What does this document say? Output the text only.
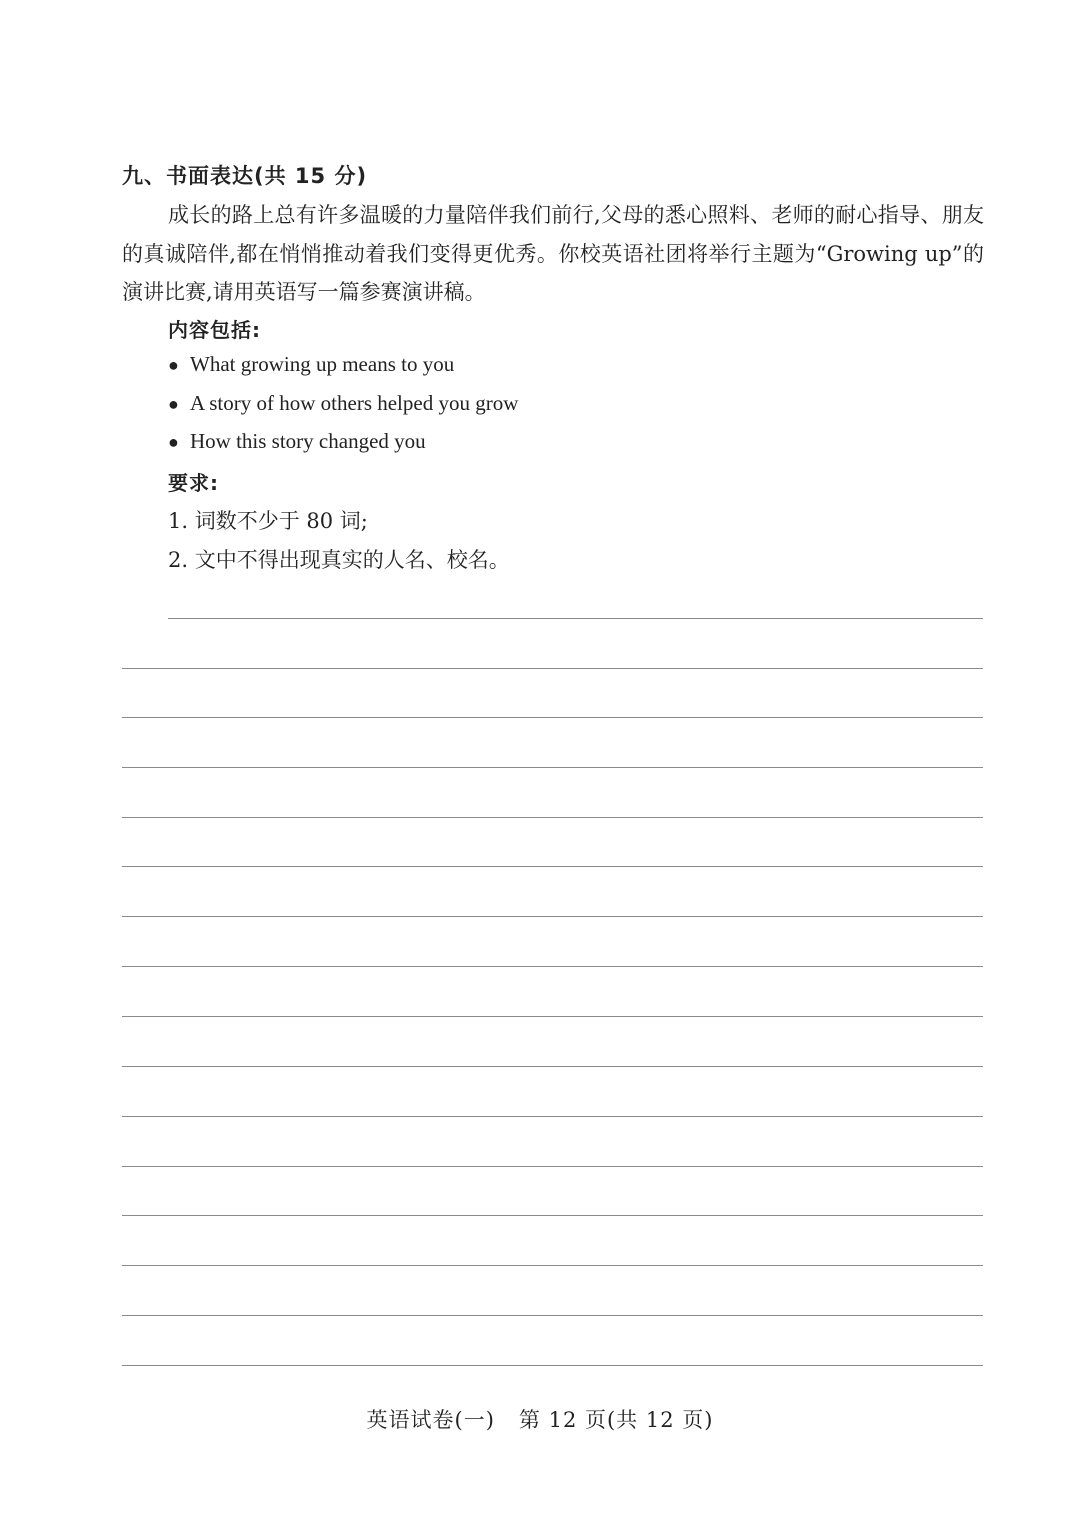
九、书面表达(共 15 分)
成长的路上总有许多温暖的力量陪伴我们前行,父母的悉心照料、老师的耐心指导、朋友的真诚陪伴,都在悄悄推动着我们变得更优秀。你校英语社团将举行主题为“Growing up”的演讲比赛,请用英语写一篇参赛演讲稿。
内容包括:
● What growing up means to you
● A story of how others helped you grow
● How this story changed you
要求:
1. 词数不少于 80 词;
2. 文中不得出现真实的人名、校名。
英语试卷(一) 第 12 页(共 12 页)
